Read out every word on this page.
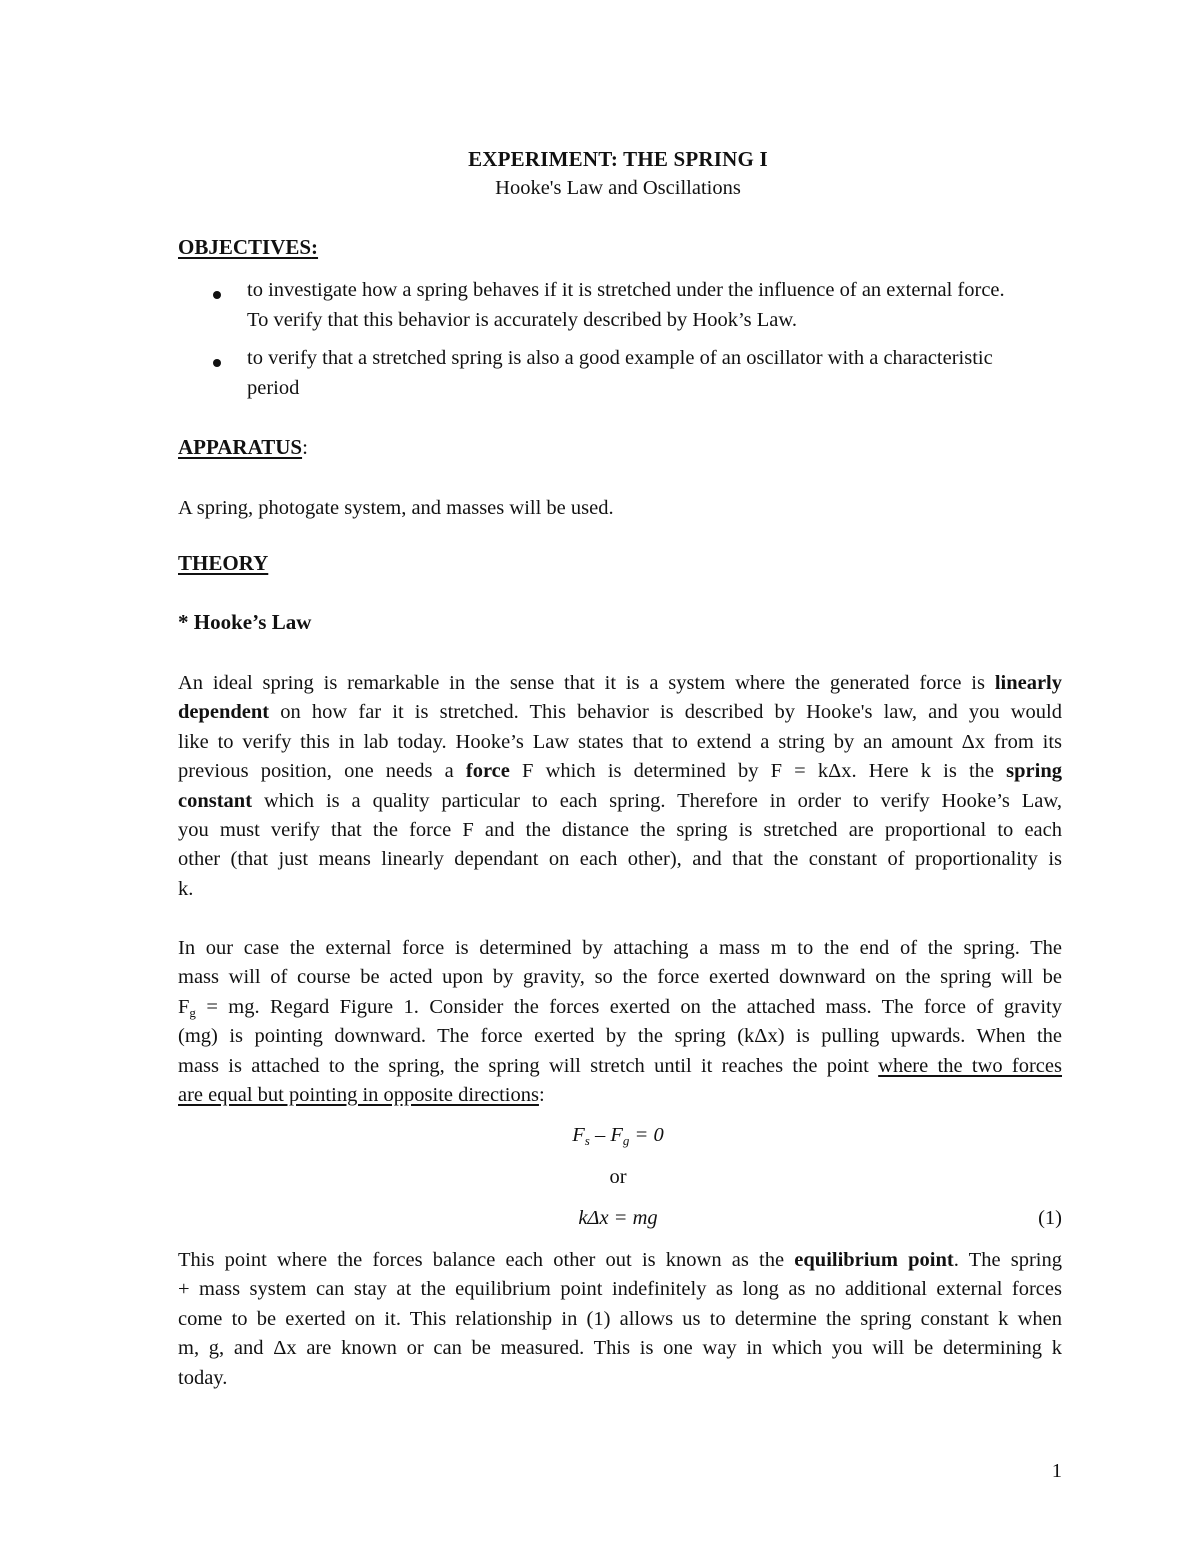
EXPERIMENT: THE SPRING I
Hooke's Law and Oscillations
OBJECTIVES:
to investigate how a spring behaves if it is stretched under the influence of an external force.
To verify that this behavior is accurately described by Hook’s Law.
to verify that a stretched spring is also a good example of an oscillator with a characteristic
period
APPARATUS:
A spring, photogate system, and masses will be used.
THEORY
* Hooke’s Law
An ideal spring is remarkable in the sense that it is a system where the generated force is linearly
dependent on how far it is stretched. This behavior is described by Hooke's law, and you would
like to verify this in lab today. Hooke’s Law states that to extend a string by an amount Δx from its
previous position, one needs a force F which is determined by F = kΔx. Here k is the spring
constant which is a quality particular to each spring. Therefore in order to verify Hooke’s Law,
you must verify that the force F and the distance the spring is stretched are proportional to each
other (that just means linearly dependant on each other), and that the constant of proportionality is
k.
In our case the external force is determined by attaching a mass m to the end of the spring. The
mass will of course be acted upon by gravity, so the force exerted downward on the spring will be
$F_g$ = mg. Regard Figure 1. Consider the forces exerted on the attached mass. The force of gravity
(mg) is pointing downward. The force exerted by the spring (kΔx) is pulling upwards. When the
mass is attached to the spring, the spring will stretch until it reaches the point where the two forces
are equal but pointing in opposite directions:
$F_s - F_g = 0$
or
kΔx = mg	(1)
This point where the forces balance each other out is known as the equilibrium point. The spring
+ mass system can stay at the equilibrium point indefinitely as long as no additional external forces
come to be exerted on it. This relationship in (1) allows us to determine the spring constant k when
m, g, and Δx are known or can be measured. This is one way in which you will be determining k
today.
1
